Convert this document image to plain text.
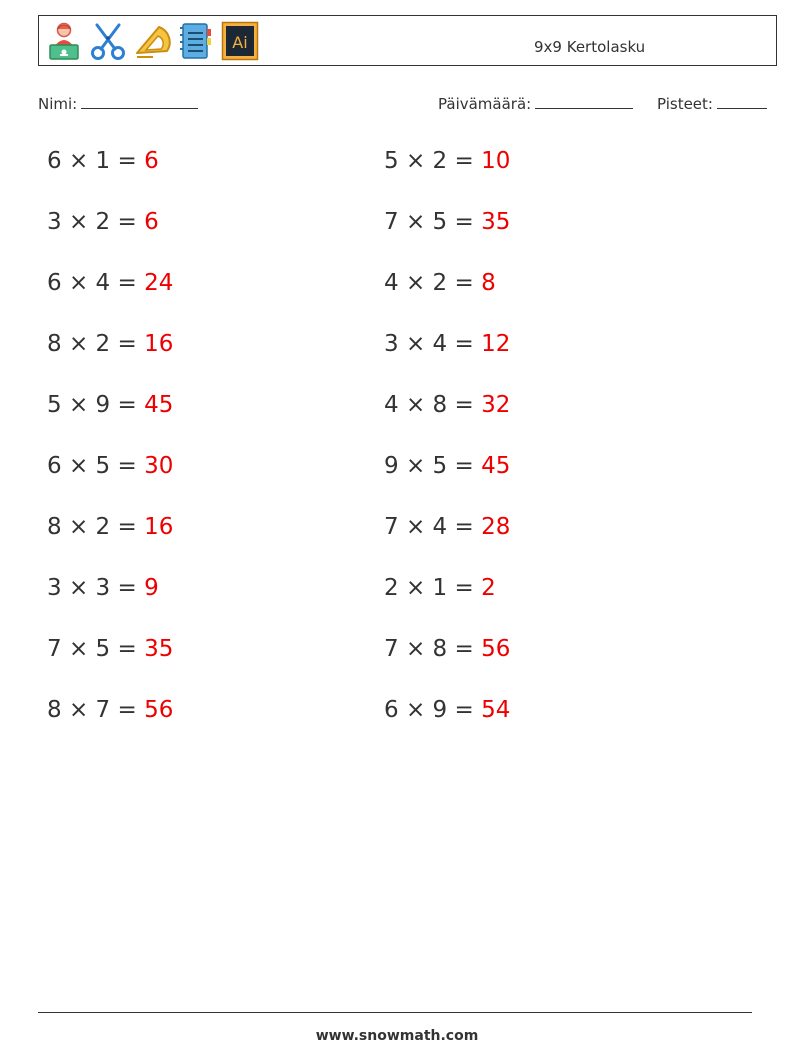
Ai	9x9 Kertolasku
Nimi:	Päivämäärä:	Pisteet:
6 × 1 = 6
3 × 2 = 6
6 × 4 = 24
8 × 2 = 16
5 × 9 = 45
6 × 5 = 30
8 × 2 = 16
3 × 3 = 9
7 × 5 = 35
8 × 7 = 56
5 × 2 = 10
7 × 5 = 35
4 × 2 = 8
3 × 4 = 12
4 × 8 = 32
9 × 5 = 45
7 × 4 = 28
2 × 1 = 2
7 × 8 = 56
6 × 9 = 54
www.snowmath.com
